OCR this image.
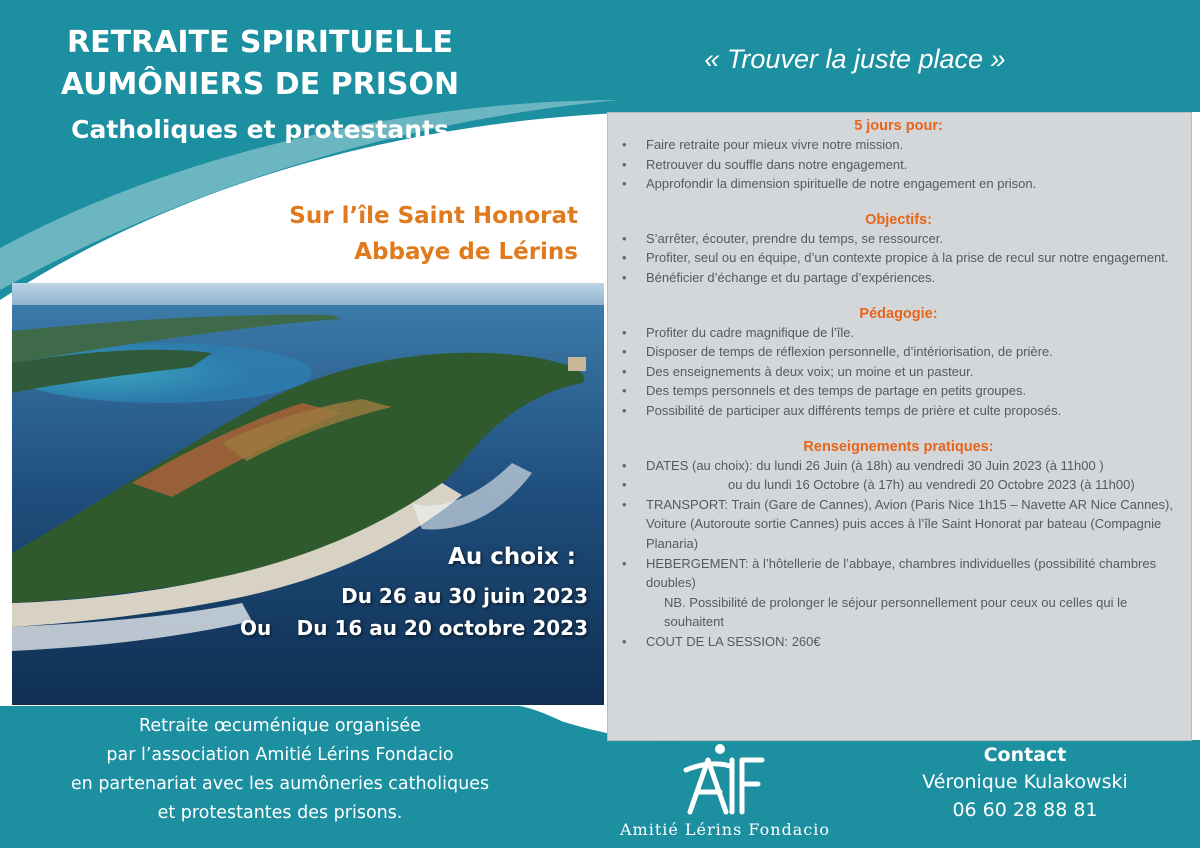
RETRAITE SPIRITUELLE
AUMÔNIERS DE PRISON
Catholiques et protestants
Sur l’île Saint Honorat
Abbaye de Lérins
Au choix :
Du 26 au 30 juin 2023
Ou	Du 16 au 20 octobre 2023
« Trouver la juste place »
5 jours pour:
• Faire retraite pour mieux vivre notre mission.
• Retrouver du souffle dans notre engagement.
• Approfondir la dimension spirituelle de notre engagement en prison.
Objectifs:
• S’arrêter, écouter, prendre du temps, se ressourcer.
• Profiter, seul ou en équipe, d’un contexte propice à la prise de recul sur notre engagement.
• Bénéficier d’échange et du partage d’expériences.
Pédagogie:
• Profiter du cadre magnifique de l’île.
• Disposer de temps de réflexion personnelle, d’intériorisation, de prière.
• Des enseignements à deux voix; un moine et un pasteur.
• Des temps personnels et des temps de partage en petits groupes.
• Possibilité de participer aux différents temps de prière et culte proposés.
Renseignements pratiques:
• DATES (au choix): du lundi 26 Juin (à 18h) au vendredi 30 Juin 2023 (à 11h00 )
• ou du lundi 16 Octobre (à 17h) au vendredi 20 Octobre 2023 (à 11h00)
• TRANSPORT: Train (Gare de Cannes), Avion (Paris Nice 1h15 – Navette AR Nice Cannes), Voiture (Autoroute sortie Cannes) puis acces à l’île Saint Honorat par bateau (Compagnie Planaria)
• HEBERGEMENT: à l’hôtellerie de l’abbaye, chambres individuelles (possibilité chambres doubles)
NB. Possibilité de prolonger le séjour personnellement pour ceux ou celles qui le souhaitent
• COUT DE LA SESSION: 260€
Retraite œcuménique organisée
par l’association Amitié Lérins Fondacio
en partenariat avec les aumôneries catholiques
et protestantes des prisons.
Amitié Lérins Fondacio
Contact
Véronique Kulakowski
06 60 28 88 81
